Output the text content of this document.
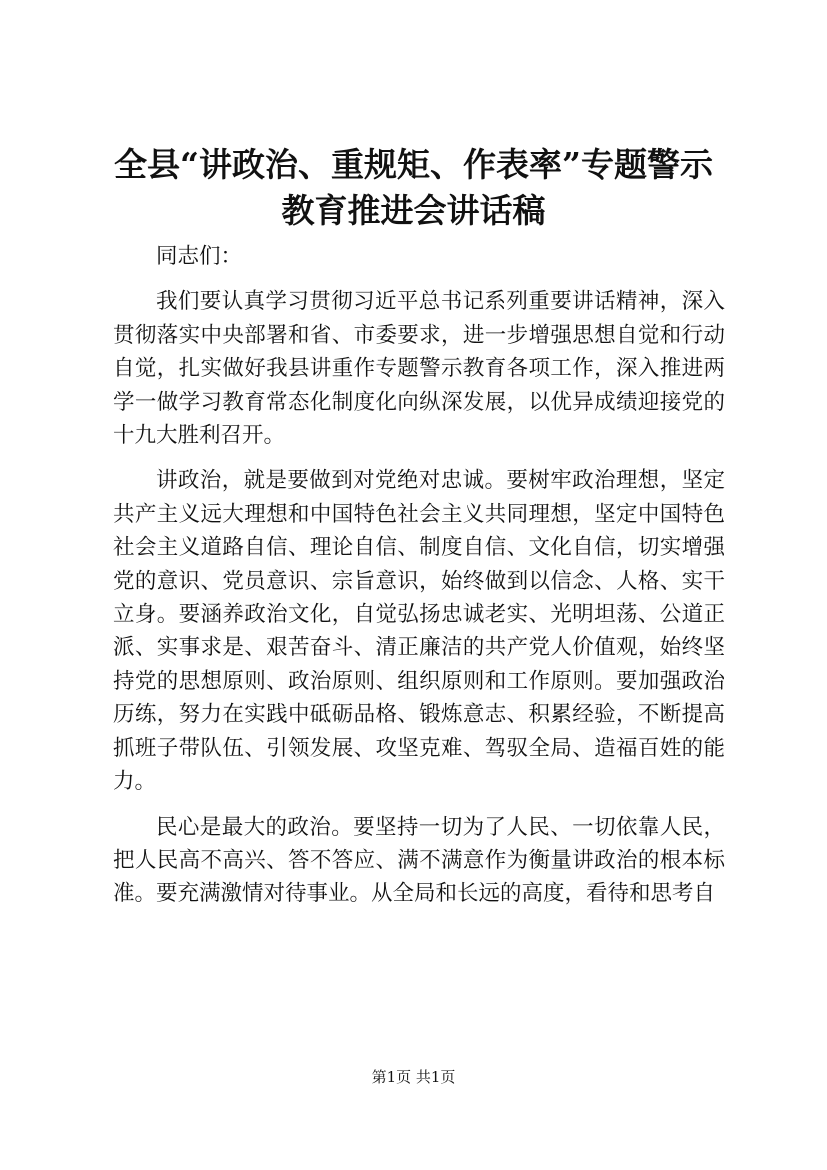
全县“讲政治、重规矩、作表率”专题警示教育推进会讲话稿

同志们：

我们要认真学习贯彻习近平总书记系列重要讲话精神，深入贯彻落实中央部署和省、市委要求，进一步增强思想自觉和行动自觉，扎实做好我县讲重作专题警示教育各项工作，深入推进两学一做学习教育常态化制度化向纵深发展，以优异成绩迎接党的十九大胜利召开。

讲政治，就是要做到对党绝对忠诚。要树牢政治理想，坚定共产主义远大理想和中国特色社会主义共同理想，坚定中国特色社会主义道路自信、理论自信、制度自信、文化自信，切实增强党的意识、党员意识、宗旨意识，始终做到以信念、人格、实干立身。要涵养政治文化，自觉弘扬忠诚老实、光明坦荡、公道正派、实事求是、艰苦奋斗、清正廉洁的共产党人价值观，始终坚持党的思想原则、政治原则、组织原则和工作原则。要加强政治历练，努力在实践中砥砺品格、锻炼意志、积累经验，不断提高抓班子带队伍、引领发展、攻坚克难、驾驭全局、造福百姓的能力。

民心是最大的政治。要坚持一切为了人民、一切依靠人民，把人民高不高兴、答不答应、满不满意作为衡量讲政治的根本标准。要充满激情对待事业。从全局和长远的高度，看待和思考自

第1页 共1页
